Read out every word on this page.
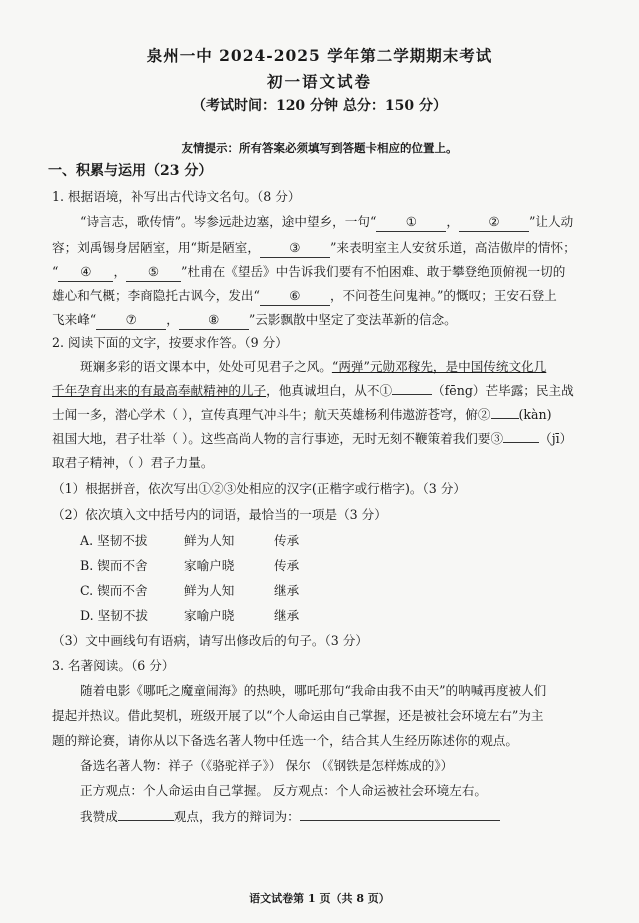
泉州一中 2024-2025 学年第二学期期末考试
初一语文试卷
（考试时间：120 分钟 总分：150 分）
友情提示：所有答案必须填写到答题卡相应的位置上。
一、积累与运用（23 分）
1. 根据语境，补写出古代诗文名句。（8 分）
“诗言志，歌传情”。岑参远赴边塞，途中望乡，一句“ ① ， ② ”让人动
容；刘禹锡身居陋室，用“斯是陋室， ③ ”来表明室主人安贫乐道，高洁傲岸的情怀；
“ ④ ， ⑤ ”杜甫在《望岳》中告诉我们要有不怕困难、敢于攀登绝顶俯视一切的
雄心和气概；李商隐托古讽今，发出“ ⑥ ，不问苍生问鬼神。”的慨叹；王安石登上
飞来峰“ ⑦ ， ⑧ ”云影飘散中坚定了变法革新的信念。
2. 阅读下面的文字，按要求作答。（9 分）
斑斓多彩的语文课本中，处处可见君子之风。“两弹”元勋邓稼先，是中国传统文化几
千年孕育出来的有最高奉献精神的儿子，他真诚坦白，从不①	（fēng）芒毕露；民主战
士闻一多，潜心学术（ ），宣传真理气冲斗牛；航天英雄杨利伟遨游苍穹，俯② (kàn)
祖国大地，君子壮举（ ）。这些高尚人物的言行事迹，无时无刻不鞭策着我们要③	（jī）
取君子精神，（ ）君子力量。
（1）根据拼音，依次写出①②③处相应的汉字(正楷字或行楷字)。（3 分）
（2）依次填入文中括号内的词语，最恰当的一项是（3 分）
A. 坚韧不拔	鲜为人知	传承
B. 锲而不舍	家喻户晓	传承
C. 锲而不舍	鲜为人知	继承
D. 坚韧不拔	家喻户晓	继承
（3）文中画线句有语病，请写出修改后的句子。（3 分）
3. 名著阅读。（6 分）
随着电影《哪吒之魔童闹海》的热映，哪吒那句“我命由我不由天”的呐喊再度被人们
提起并热议。借此契机，班级开展了以“个人命运由自己掌握，还是被社会环境左右”为主
题的辩论赛，请你从以下备选名著人物中任选一个，结合其人生经历陈述你的观点。
备选名著人物：祥子（《骆驼祥子》） 保尔 （《钢铁是怎样炼成的》）
正方观点：个人命运由自己掌握。 反方观点：个人命运被社会环境左右。
我赞成	观点，我方的辩词为：
语文试卷第 1 页（共 8 页）
